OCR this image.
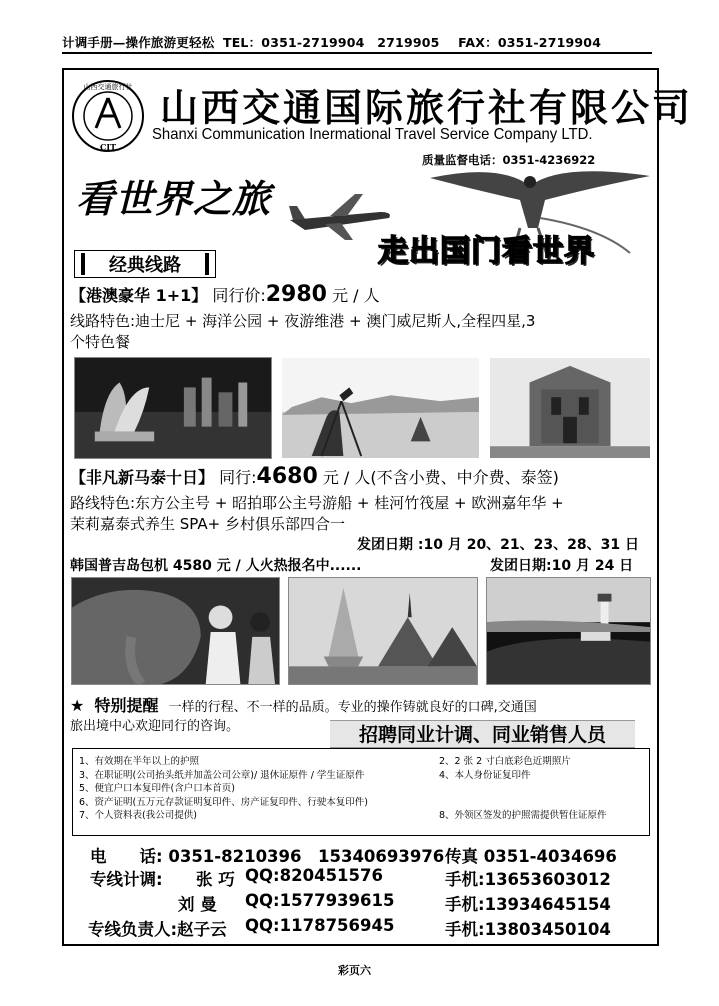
计调手册—操作旅游更轻松 TEL：0351-2719904　2719905 FAX：0351-2719904
山西交通旅行社
CIT
山西交通国际旅行社有限公司
Shanxi Communication Inermational Travel Service Company LTD.
质量监督电话：0351-4236922
看世界之旅
走出国门看世界
经典线路
【港澳豪华 1+1】 同行价:2980 元 / 人
线路特色:迪士尼 + 海洋公园 + 夜游维港 + 澳门威尼斯人,全程四星,3
个特色餐
【非凡新马泰十日】 同行:4680 元 / 人(不含小费、中介费、泰签)
路线特色:东方公主号 + 昭拍耶公主号游船 + 桂河竹筏屋 + 欧洲嘉年华 +
茉莉嘉泰式养生 SPA+ 乡村俱乐部四合一
发团日期 :10 月 20、21、23、28、31 日
韩国普吉岛包机 4580 元 / 人火热报名中......	发团日期:10 月 24 日
★ 特别提醒 一样的行程、不一样的品质。专业的操作铸就良好的口碑,交通国
旅出境中心欢迎同行的咨询。	招聘同业计调、同业销售人员
1、有效期在半年以上的护照	2、2 张 2 寸白底彩色近期照片
3、在职证明(公司抬头纸并加盖公司公章)/ 退休证原件 / 学生证原件	4、本人身份证复印件
5、便宜户口本复印件(含户口本首页)
6、资产证明(五万元存款证明复印件、房产证复印件、行驶本复印件)
7、个人资料表(我公司提供)	8、外领区签发的护照需提供暂住证原件
电　　话: 0351-8210396　15340693976 传真 0351-4034696
专线计调: 张 巧 QQ:820451576	手机:13653603012
刘 曼 QQ:1577939615	手机:13934645154
专线负责人:赵子云 QQ:1178756945	手机:13803450104
彩页六
